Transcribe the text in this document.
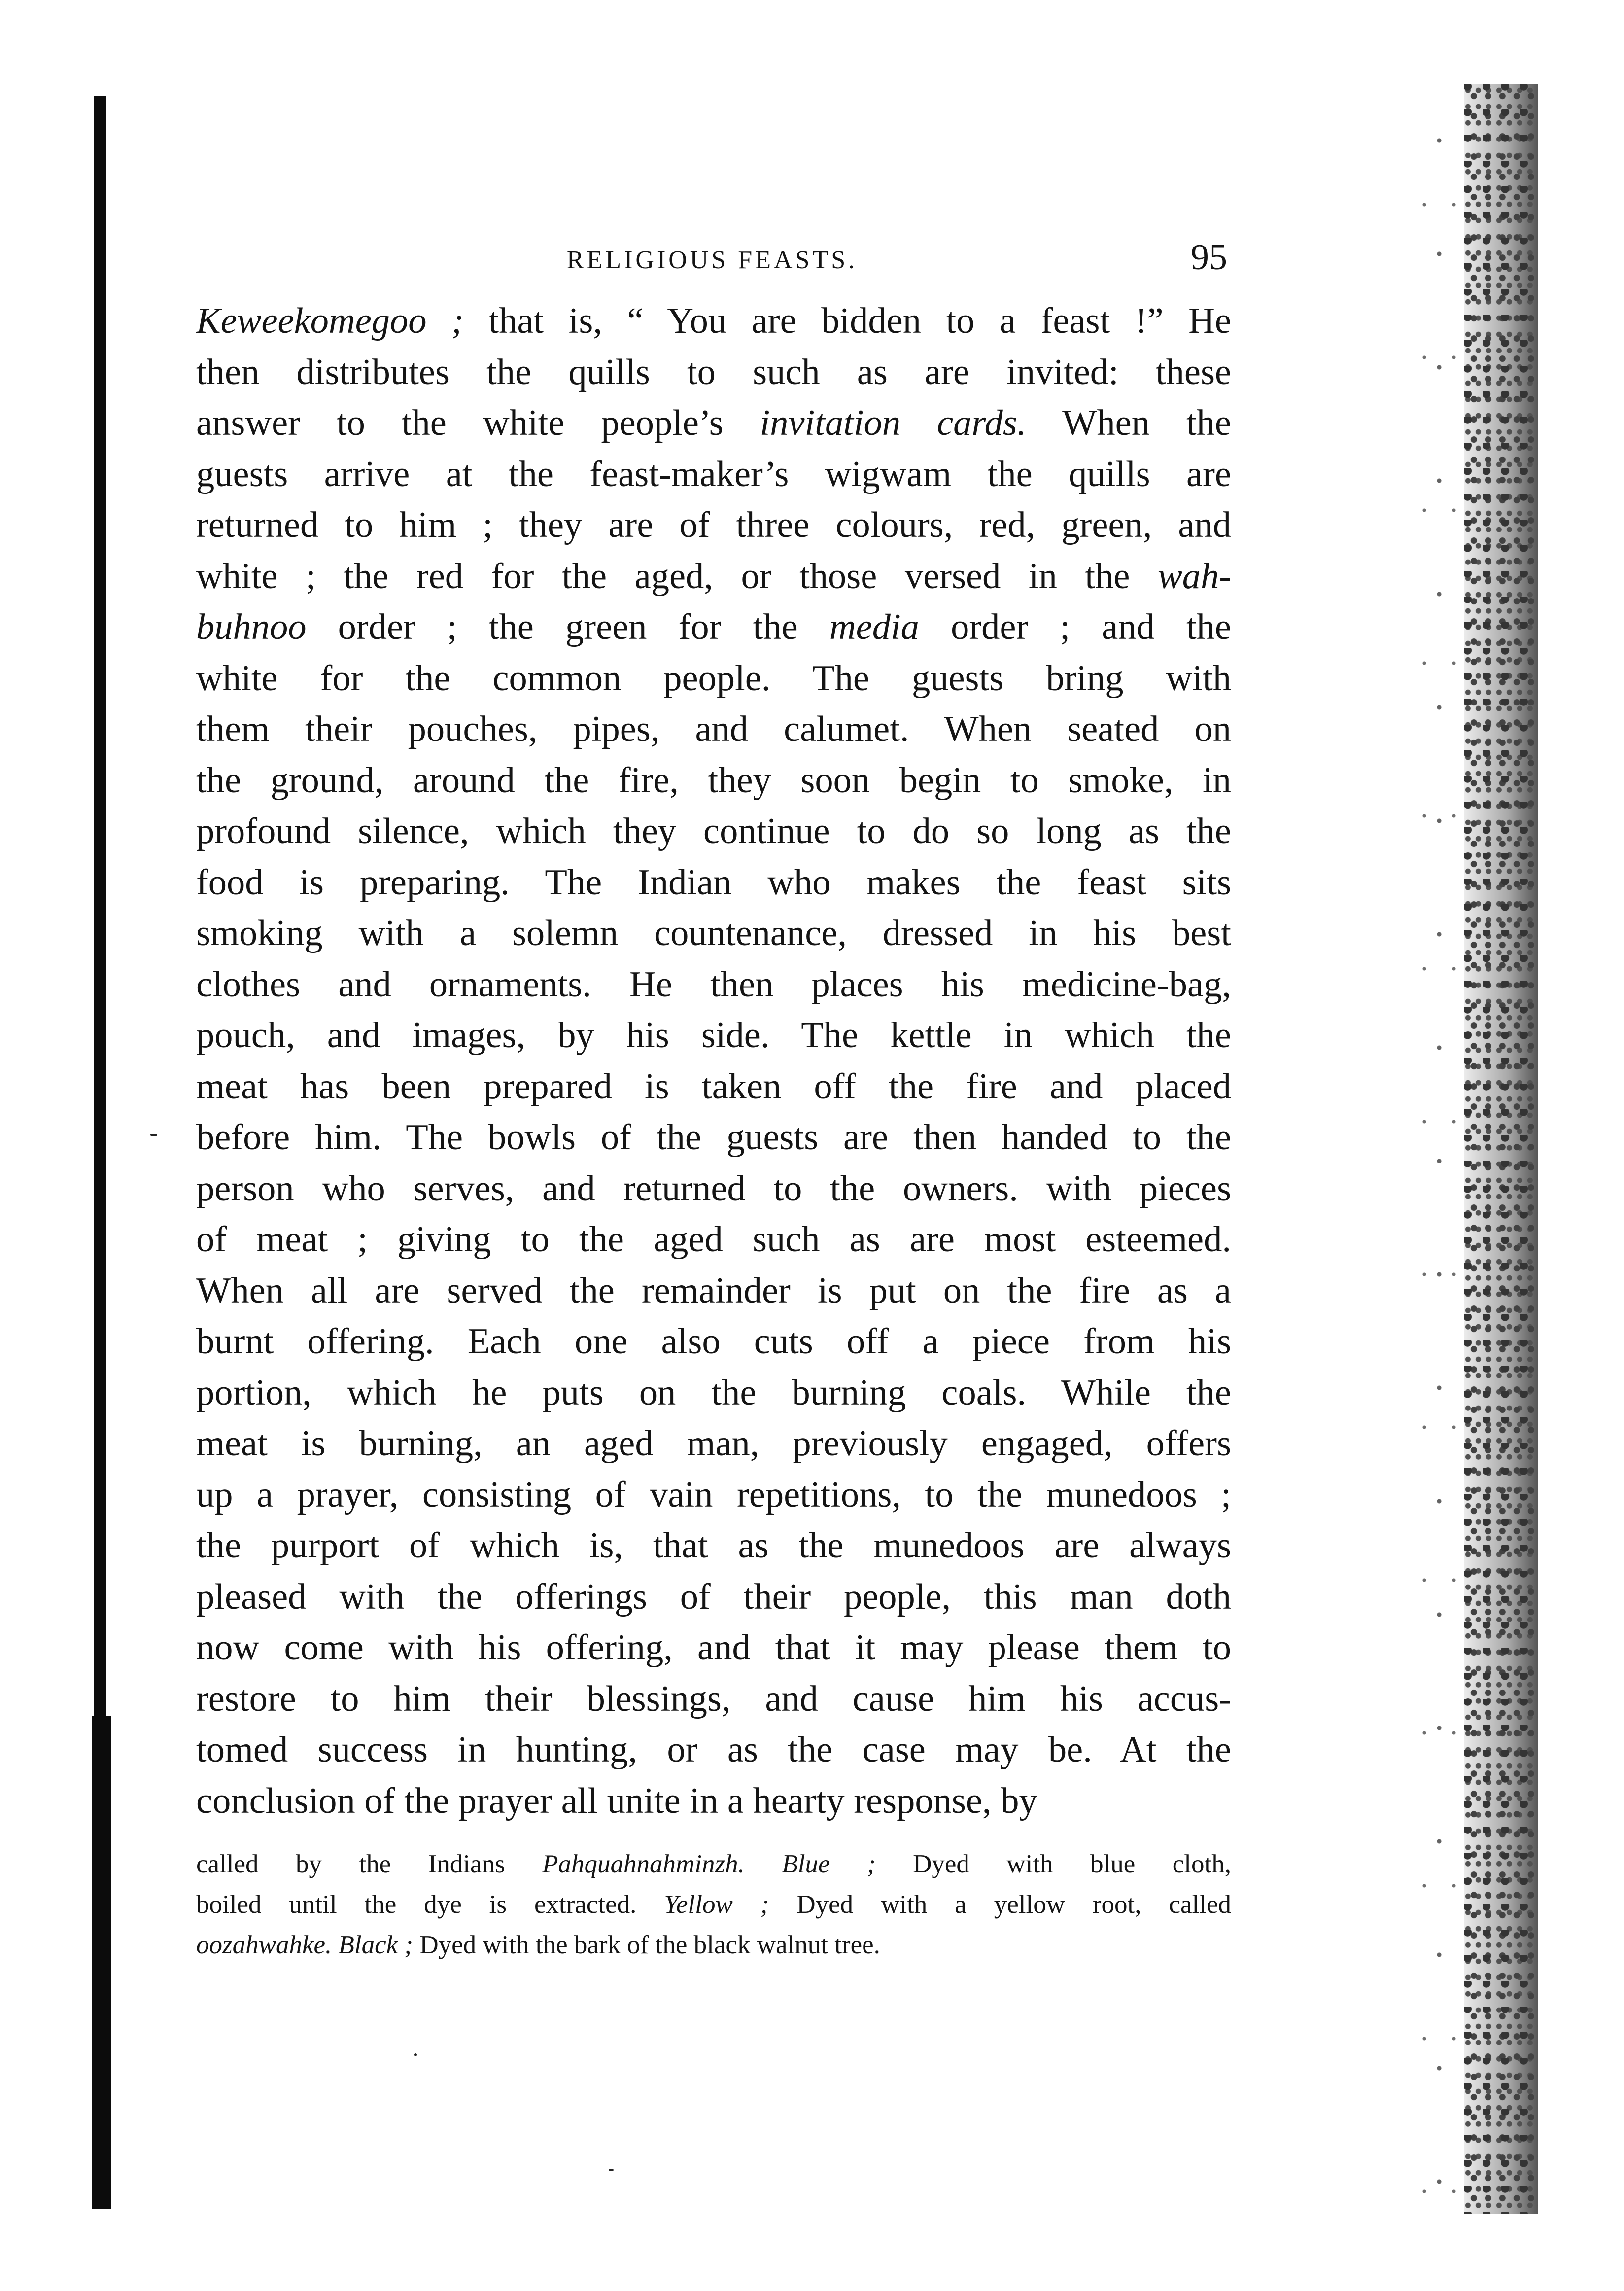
RELIGIOUS FEASTS.	95
Keweekomegoo ; that is, “ You are bidden to a feast !” He
then distributes the quills to such as are invited: these
answer to the white people’s invitation cards. When the
guests arrive at the feast-maker’s wigwam the quills are
returned to him ; they are of three colours, red, green, and
white ; the red for the aged, or those versed in the wah-
buhnoo order ; the green for the media order ; and the
white for the common people. The guests bring with
them their pouches, pipes, and calumet. When seated on
the ground, around the fire, they soon begin to smoke, in
profound silence, which they continue to do so long as the
food is preparing. The Indian who makes the feast sits
smoking with a solemn countenance, dressed in his best
clothes and ornaments. He then places his medicine-bag,
pouch, and images, by his side. The kettle in which the
meat has been prepared is taken off the fire and placed
before him. The bowls of the guests are then handed to the
person who serves, and returned to the owners. with pieces
of meat ; giving to the aged such as are most esteemed.
When all are served the remainder is put on the fire as a
burnt offering. Each one also cuts off a piece from his
portion, which he puts on the burning coals. While the
meat is burning, an aged man, previously engaged, offers
up a prayer, consisting of vain repetitions, to the munedoos ;
the purport of which is, that as the munedoos are always
pleased with the offerings of their people, this man doth
now come with his offering, and that it may please them to
restore to him their blessings, and cause him his accus-
tomed success in hunting, or as the case may be. At the
conclusion of the prayer all unite in a hearty response, by
called by the Indians Pahquahnahminzh. Blue ; Dyed with blue cloth,
boiled until the dye is extracted. Yellow ; Dyed with a yellow root, called
oozahwahke. Black ; Dyed with the bark of the black walnut tree.
